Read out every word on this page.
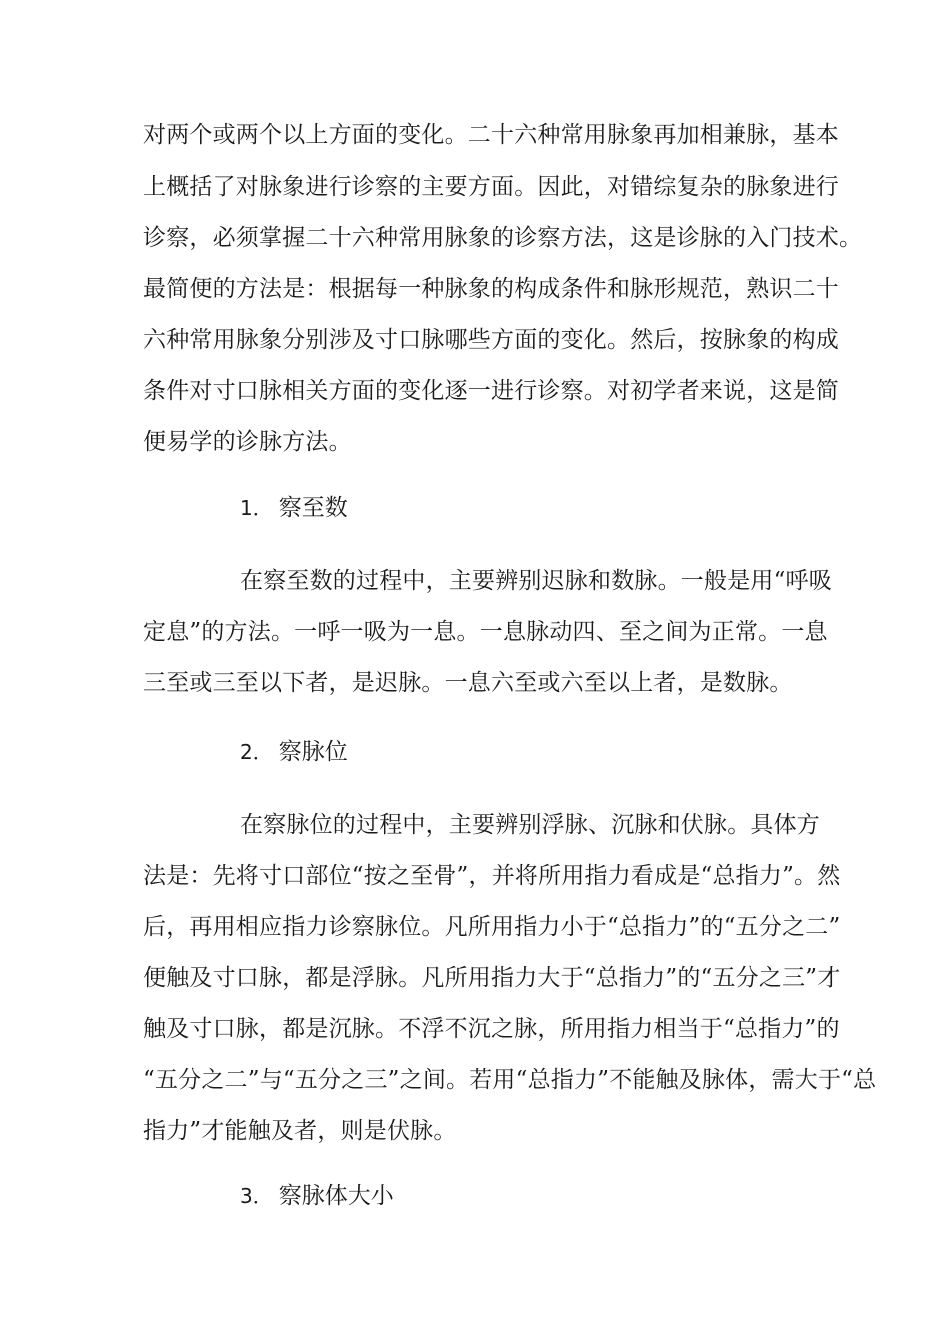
对两个或两个以上方面的变化。二十六种常用脉象再加相兼脉，基本
上概括了对脉象进行诊察的主要方面。因此，对错综复杂的脉象进行
诊察，必须掌握二十六种常用脉象的诊察方法，这是诊脉的入门技术。
最简便的方法是：根据每一种脉象的构成条件和脉形规范，熟识二十
六种常用脉象分别涉及寸口脉哪些方面的变化。然后，按脉象的构成
条件对寸口脉相关方面的变化逐一进行诊察。对初学者来说，这是简
便易学的诊脉方法。
1． 察至数
在察至数的过程中，主要辨别迟脉和数脉。一般是用“呼吸
定息”的方法。一呼一吸为一息。一息脉动四、至之间为正常。一息
三至或三至以下者，是迟脉。一息六至或六至以上者，是数脉。
2． 察脉位
在察脉位的过程中，主要辨别浮脉、沉脉和伏脉。具体方
法是：先将寸口部位“按之至骨”，并将所用指力看成是“总指力”。然
后，再用相应指力诊察脉位。凡所用指力小于“总指力”的“五分之二”
便触及寸口脉，都是浮脉。凡所用指力大于“总指力”的“五分之三”才
触及寸口脉，都是沉脉。不浮不沉之脉，所用指力相当于“总指力”的
“五分之二”与“五分之三”之间。若用“总指力”不能触及脉体，需大于“总
指力”才能触及者，则是伏脉。
3． 察脉体大小
